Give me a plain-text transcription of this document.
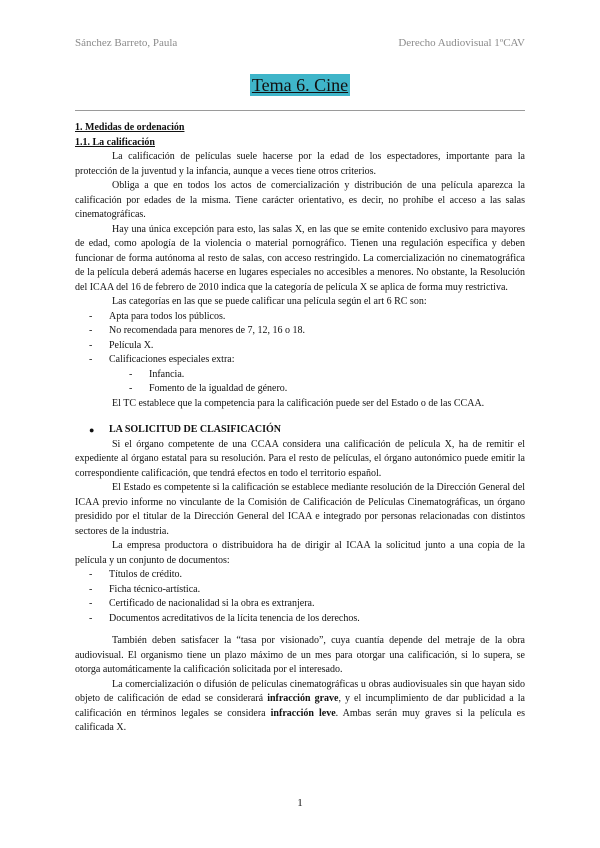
Sánchez Barreto, Paula	Derecho Audiovisual 1ºCAV
Tema 6. Cine

1. Medidas de ordenación

1.1. La calificación

La calificación de películas suele hacerse por la edad de los espectadores, importante para la protección de la juventud y la infancia, aunque a veces tiene otros criterios.

Obliga a que en todos los actos de comercialización y distribución de una película aparezca la calificación por edades de la misma. Tiene carácter orientativo, es decir, no prohíbe el acceso a las salas cinematográficas.

Hay una única excepción para esto, las salas X, en las que se emite contenido exclusivo para mayores de edad, como apología de la violencia o material pornográfico. Tienen una regulación específica y deben funcionar de forma autónoma al resto de salas, con acceso restringido. La comercialización no cinematográfica de la película deberá además hacerse en lugares especiales no accesibles a menores. No obstante, la Resolución del ICAA del 16 de febrero de 2010 indica que la categoría de película X se aplica de forma muy restrictiva.

Las categorías en las que se puede calificar una película según el art 6 RC son:

- Apta para todos los públicos.
- No recomendada para menores de 7, 12, 16 o 18.
- Película X.
- Calificaciones especiales extra:
- Infancia.
- Fomento de la igualdad de género.

El TC establece que la competencia para la calificación puede ser del Estado o de las CCAA.

● LA SOLICITUD DE CLASIFICACIÓN

Si el órgano competente de una CCAA considera una calificación de película X, ha de remitir el expediente al órgano estatal para su resolución. Para el resto de películas, el órgano autonómico puede emitir la correspondiente calificación, que tendrá efectos en todo el territorio español.

El Estado es competente si la calificación se establece mediante resolución de la Dirección General del ICAA previo informe no vinculante de la Comisión de Calificación de Películas Cinematográficas, un órgano presidido por el titular de la Dirección General del ICAA e integrado por personas relacionadas con distintos sectores de la industria.

La empresa productora o distribuidora ha de dirigir al ICAA la solicitud junto a una copia de la película y un conjunto de documentos:

- Títulos de crédito.
- Ficha técnico-artística.
- Certificado de nacionalidad si la obra es extranjera.
- Documentos acreditativos de la lícita tenencia de los derechos.

También deben satisfacer la “tasa por visionado”, cuya cuantía depende del metraje de la obra audiovisual. El organismo tiene un plazo máximo de un mes para otorgar una calificación, si lo supera, se otorga automáticamente la calificación solicitada por el interesado.

La comercialización o difusión de películas cinematográficas u obras audiovisuales sin que hayan sido objeto de calificación de edad se considerará infracción grave, y el incumplimiento de dar publicidad a la calificación en términos legales se considera infracción leve. Ambas serán muy graves si la película es calificada X.

1
